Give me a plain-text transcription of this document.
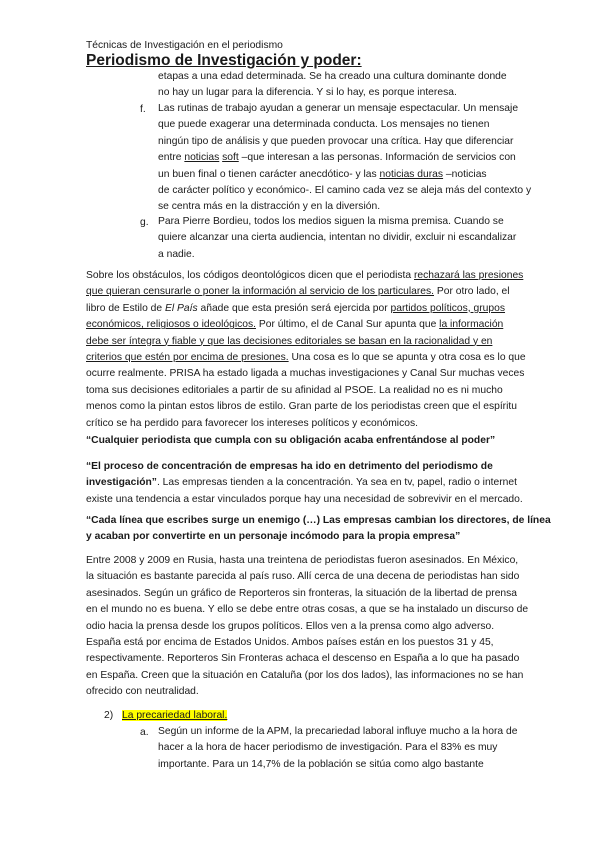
Técnicas de Investigación en el periodismo
Periodismo de Investigación y poder:
etapas a una edad determinada. Se ha creado una cultura dominante donde
no hay un lugar para la diferencia. Y si lo hay, es porque interesa.
f. Las rutinas de trabajo ayudan a generar un mensaje espectacular. Un mensaje
que puede exagerar una determinada conducta. Los mensajes no tienen
ningún tipo de análisis y que pueden provocar una crítica. Hay que diferenciar
entre noticias soft –que interesan a las personas. Información de servicios con
un buen final o tienen carácter anecdótico- y las noticias duras –noticias
de carácter político y económico-. El camino cada vez se aleja más del contexto y
se centra más en la distracción y en la diversión.
g. Para Pierre Bordieu, todos los medios siguen la misma premisa. Cuando se
quiere alcanzar una cierta audiencia, intentan no dividir, excluir ni escandalizar
a nadie.
Sobre los obstáculos, los códigos deontológicos dicen que el periodista rechazará las presiones
que quieran censurarle o poner la información al servicio de los particulares. Por otro lado, el
libro de Estilo de El País añade que esta presión será ejercida por partidos políticos, grupos
económicos, religiosos o ideológicos. Por último, el de Canal Sur apunta que la información
debe ser íntegra y fiable y que las decisiones editoriales se basan en la racionalidad y en
criterios que estén por encima de presiones. Una cosa es lo que se apunta y otra cosa es lo que
ocurre realmente. PRISA ha estado ligada a muchas investigaciones y Canal Sur muchas veces
toma sus decisiones editoriales a partir de su afinidad al PSOE. La realidad no es ni mucho
menos como la pintan estos libros de estilo. Gran parte de los periodistas creen que el espíritu
crítico se ha perdido para favorecer los intereses políticos y económicos.
“Cualquier periodista que cumpla con su obligación acaba enfrentándose al poder”
“El proceso de concentración de empresas ha ido en detrimento del periodismo de
investigación”. Las empresas tienden a la concentración. Ya sea en tv, papel, radio o internet
existe una tendencia a estar vinculados porque hay una necesidad de sobrevivir en el mercado.
“Cada línea que escribes surge un enemigo (…) Las empresas cambian los directores, de línea
y acaban por convertirte en un personaje incómodo para la propia empresa”
Entre 2008 y 2009 en Rusia, hasta una treintena de periodistas fueron asesinados. En México,
la situación es bastante parecida al país ruso. Allí cerca de una decena de periodistas han sido
asesinados. Según un gráfico de Reporteros sin fronteras, la situación de la libertad de prensa
en el mundo no es buena. Y ello se debe entre otras cosas, a que se ha instalado un discurso de
odio hacia la prensa desde los grupos políticos. Ellos ven a la prensa como algo adverso.
España está por encima de Estados Unidos. Ambos países están en los puestos 31 y 45,
respectivamente. Reporteros Sin Fronteras achaca el descenso en España a lo que ha pasado
en España. Creen que la situación en Cataluña (por los dos lados), las informaciones no se han
ofrecido con neutralidad.
2) La precariedad laboral.
a. Según un informe de la APM, la precariedad laboral influye mucho a la hora de
hacer a la hora de hacer periodismo de investigación. Para el 83% es muy
importante. Para un 14,7% de la población se sitúa como algo bastante
